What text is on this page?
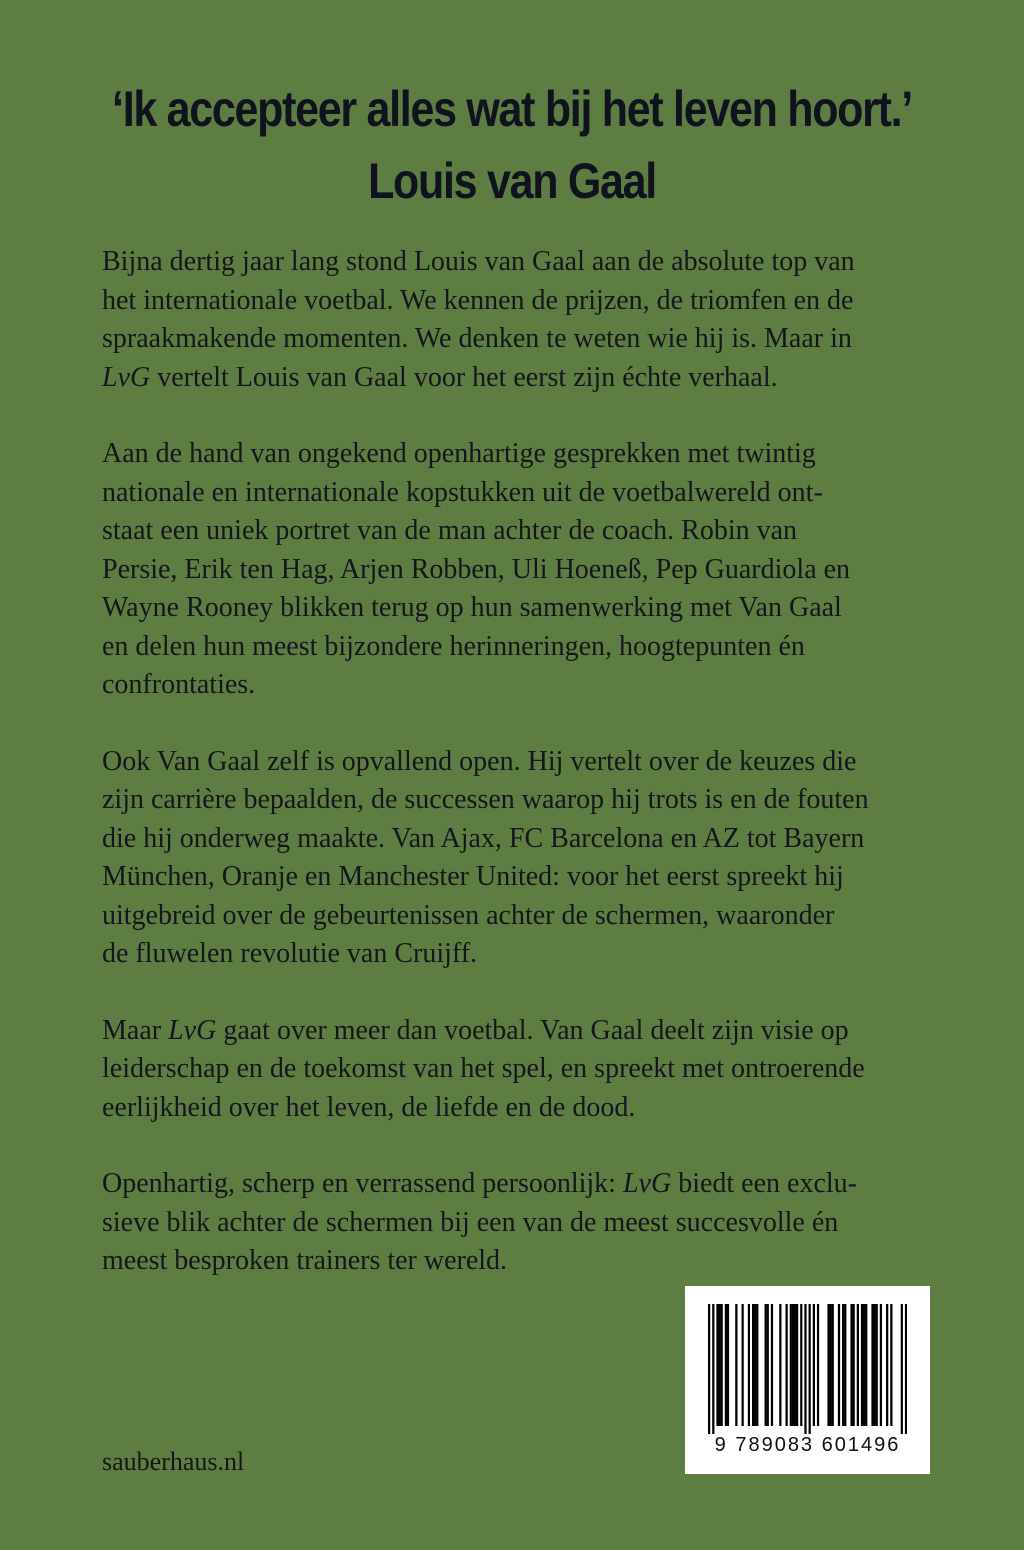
‘Ik accepteer alles wat bij het leven hoort.’
Louis van Gaal

Bijna dertig jaar lang stond Louis van Gaal aan de absolute top van
het internationale voetbal. We kennen de prijzen, de triomfen en de
spraakmakende momenten. We denken te weten wie hij is. Maar in
LvG vertelt Louis van Gaal voor het eerst zijn échte verhaal.

Aan de hand van ongekend openhartige gesprekken met twintig
nationale en internationale kopstukken uit de voetbalwereld ont-
staat een uniek portret van de man achter de coach. Robin van
Persie, Erik ten Hag, Arjen Robben, Uli Hoeneß, Pep Guardiola en
Wayne Rooney blikken terug op hun samenwerking met Van Gaal
en delen hun meest bijzondere herinneringen, hoogtepunten én
confrontaties.

Ook Van Gaal zelf is opvallend open. Hij vertelt over de keuzes die
zijn carrière bepaalden, de successen waarop hij trots is en de fouten
die hij onderweg maakte. Van Ajax, FC Barcelona en AZ tot Bayern
München, Oranje en Manchester United: voor het eerst spreekt hij
uitgebreid over de gebeurtenissen achter de schermen, waaronder
de fluwelen revolutie van Cruijff.

Maar LvG gaat over meer dan voetbal. Van Gaal deelt zijn visie op
leiderschap en de toekomst van het spel, en spreekt met ontroerende
eerlijkheid over het leven, de liefde en de dood.

Openhartig, scherp en verrassend persoonlijk: LvG biedt een exclu-
sieve blik achter de schermen bij een van de meest succesvolle én
meest besproken trainers ter wereld.

sauberhaus.nl
9 789083 601496
